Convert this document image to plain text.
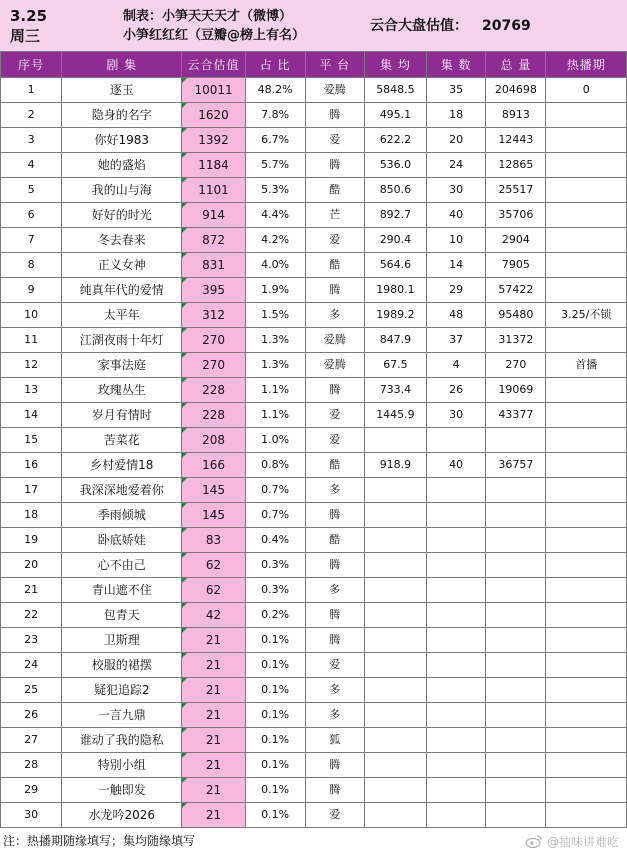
3.25
周三
制表：小笋天天天才（微博）
小笋红红红（豆瓣@榜上有名）
云合大盘估值： 20769
序号	剧 集	云合估值	占 比	平 台	集 均	集 数	总 量	热播期
1	逐玉	10011	48.2%	爱腾	5848.5	35	204698	0
2	隐身的名字	1620	7.8%	腾	495.1	18	8913	
3	你好1983	1392	6.7%	爱	622.2	20	12443	
4	她的盛焰	1184	5.7%	腾	536.0	24	12865	
5	我的山与海	1101	5.3%	酷	850.6	30	25517	
6	好好的时光	914	4.4%	芒	892.7	40	35706	
7	冬去春来	872	4.2%	爱	290.4	10	2904	
8	正义女神	831	4.0%	酷	564.6	14	7905	
9	纯真年代的爱情	395	1.9%	腾	1980.1	29	57422	
10	太平年	312	1.5%	多	1989.2	48	95480	3.25/不锁
11	江湖夜雨十年灯	270	1.3%	爱腾	847.9	37	31372	
12	家事法庭	270	1.3%	爱腾	67.5	4	270	首播
13	玫瑰丛生	228	1.1%	腾	733.4	26	19069	
14	岁月有情时	228	1.1%	爱	1445.9	30	43377	
15	苦菜花	208	1.0%	爱				
16	乡村爱情18	166	0.8%	酷	918.9	40	36757	
17	我深深地爱着你	145	0.7%	多				
18	季雨倾城	145	0.7%	腾				
19	卧底娇娃	83	0.4%	酷				
20	心不由己	62	0.3%	腾				
21	青山遮不住	62	0.3%	多				
22	包青天	42	0.2%	腾				
23	卫斯理	21	0.1%	腾				
24	校服的裙摆	21	0.1%	爱				
25	疑犯追踪2	21	0.1%	多				
26	一言九鼎	21	0.1%	多				
27	谁动了我的隐私	21	0.1%	狐				
28	特别小组	21	0.1%	腾				
29	一触即发	21	0.1%	腾				
30	水龙吟2026	21	0.1%	爱				
注：热播期随缘填写；集均随缘填写	@抽味讲难吃
